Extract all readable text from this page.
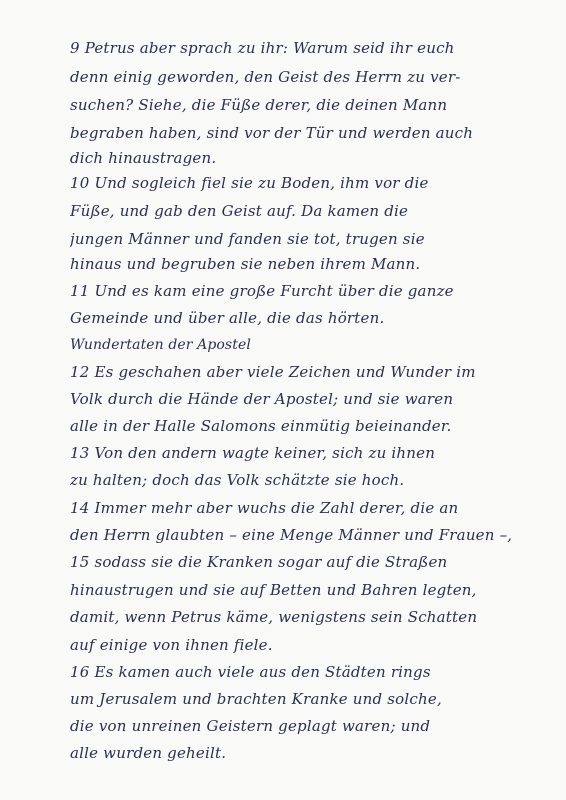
9 Petrus aber sprach zu ihr: Warum seid ihr euch
denn einig geworden, den Geist des Herrn zu ver-
suchen? Siehe, die Füße derer, die deinen Mann
begraben haben, sind vor der Tür und werden auch
dich hinaustragen.
10 Und sogleich fiel sie zu Boden, ihm vor die
Füße, und gab den Geist auf. Da kamen die
jungen Männer und fanden sie tot, trugen sie
hinaus und begruben sie neben ihrem Mann.
11 Und es kam eine große Furcht über die ganze
Gemeinde und über alle, die das hörten.
Wundertaten der Apostel
12 Es geschahen aber viele Zeichen und Wunder im
Volk durch die Hände der Apostel; und sie waren
alle in der Halle Salomons einmütig beieinander.
13 Von den andern wagte keiner, sich zu ihnen
zu halten; doch das Volk schätzte sie hoch.
14 Immer mehr aber wuchs die Zahl derer, die an
den Herrn glaubten – eine Menge Männer und Frauen –,
15 sodass sie die Kranken sogar auf die Straßen
hinaustrugen und sie auf Betten und Bahren legten,
damit, wenn Petrus käme, wenigstens sein Schatten
auf einige von ihnen fiele.
16 Es kamen auch viele aus den Städten rings
um Jerusalem und brachten Kranke und solche,
die von unreinen Geistern geplagt waren; und
alle wurden geheilt.
